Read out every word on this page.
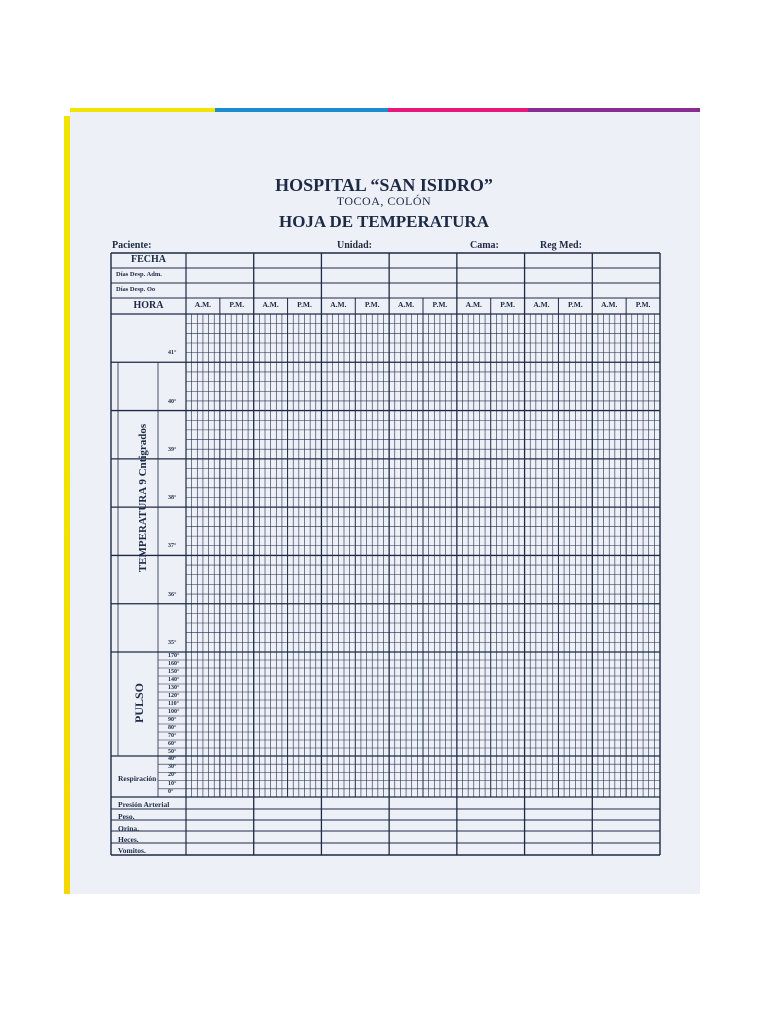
HOSPITAL “SAN ISIDRO”
TOCOA, COLÓN
HOJA DE TEMPERATURA
Paciente:	Unidad:	Cama:	Reg Med:
FECHA
Días Desp. Adm.
Días Desp. Oo
HORA	A.M.	P.M.	A.M.	P.M.	A.M.	P.M.	A.M.	P.M.	A.M.	P.M.	A.M.	P.M.	A.M.	P.M.
TEMPERATURA 9 Cntigrados
PULSO
Respiración
41°
40°
39°
38°
37°
36°
35°
170°
160°
150°
140°
130°
120°
110°
100°
90°
80°
70°
60°
50°
40°
30°
20°
10°
0°
Presión Arterial
Peso.
Orina.
Heces.
Vomitos.
